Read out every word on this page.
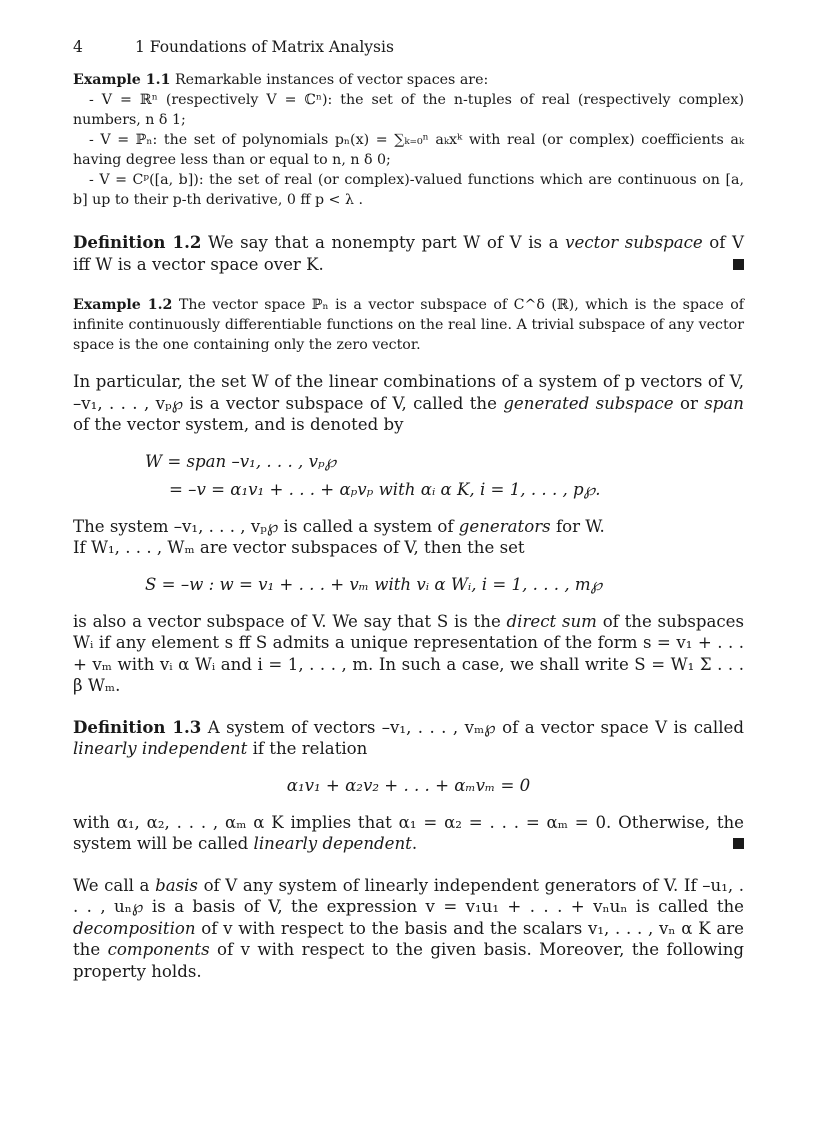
4	1 Foundations of Matrix Analysis

Example 1.1 Remarkable instances of vector spaces are:

- V = ℝⁿ (respectively V = ℂⁿ): the set of the n-tuples of real (respectively complex) numbers, n δ 1;

- V = ℙₙ: the set of polynomials pₙ(x) = ∑ₖ₌₀ⁿ aₖxᵏ with real (or complex) coefficients aₖ having degree less than or equal to n, n δ 0;

- V = Cᵖ([a, b]): the set of real (or complex)-valued functions which are continuous on [a, b] up to their p-th derivative, 0 ff p < λ .

Definition 1.2 We say that a nonempty part W of V is a vector subspace of V iff W is a vector space over K.

Example 1.2 The vector space ℙₙ is a vector subspace of C^δ (ℝ), which is the space of infinite continuously differentiable functions on the real line. A trivial subspace of any vector space is the one containing only the zero vector.

In particular, the set W of the linear combinations of a system of p vectors of V, –v₁, . . . , vₚ℘ is a vector subspace of V, called the generated subspace or span of the vector system, and is denoted by

W = span –v₁, . . . , vₚ℘
= –v = α₁v₁ + . . . + αₚvₚ with αᵢ α K, i = 1, . . . , p℘.

The system –v₁, . . . , vₚ℘ is called a system of generators for W.

If W₁, . . . , Wₘ are vector subspaces of V, then the set

S = –w : w = v₁ + . . . + vₘ with vᵢ α Wᵢ, i = 1, . . . , m℘

is also a vector subspace of V. We say that S is the direct sum of the subspaces Wᵢ if any element s ff S admits a unique representation of the form s = v₁ + . . . + vₘ with vᵢ α Wᵢ and i = 1, . . . , m. In such a case, we shall write S = W₁ Σ . . . β Wₘ.

Definition 1.3 A system of vectors –v₁, . . . , vₘ℘ of a vector space V is called linearly independent if the relation

α₁v₁ + α₂v₂ + . . . + αₘvₘ = 0

with α₁, α₂, . . . , αₘ α K implies that α₁ = α₂ = . . . = αₘ = 0. Otherwise, the system will be called linearly dependent.

We call a basis of V any system of linearly independent generators of V. If –u₁, . . . , uₙ℘ is a basis of V, the expression v = v₁u₁ + . . . + vₙuₙ is called the decomposition of v with respect to the basis and the scalars v₁, . . . , vₙ α K are the components of v with respect to the given basis. Moreover, the following property holds.
